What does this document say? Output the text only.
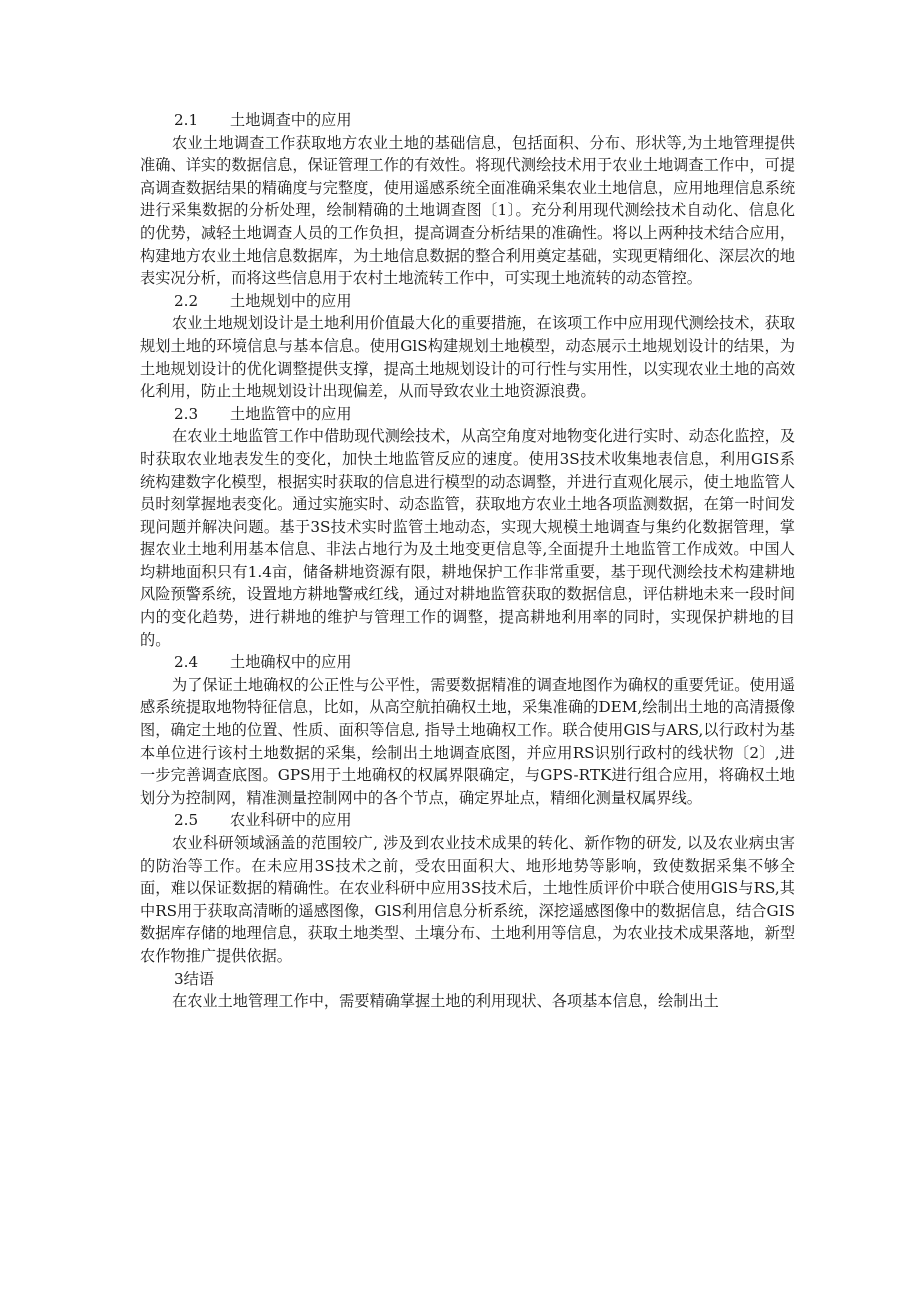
2.1 土地调查中的应用

农业土地调查工作获取地方农业土地的基础信息，包括面积、分布、形状等,为土地管理提供准确、详实的数据信息，保证管理工作的有效性。将现代测绘技术用于农业土地调查工作中，可提高调查数据结果的精确度与完整度，使用遥感系统全面准确采集农业土地信息，应用地理信息系统进行采集数据的分析处理，绘制精确的土地调查图〔1〕。充分利用现代测绘技术自动化、信息化的优势，减轻土地调查人员的工作负担，提高调查分析结果的准确性。将以上两种技术结合应用，构建地方农业土地信息数据库，为土地信息数据的整合利用奠定基础，实现更精细化、深层次的地表实况分析，而将这些信息用于农村土地流转工作中，可实现土地流转的动态管控。

2.2 土地规划中的应用

农业土地规划设计是土地利用价值最大化的重要措施，在该项工作中应用现代测绘技术，获取规划土地的环境信息与基本信息。使用GlS构建规划土地模型，动态展示土地规划设计的结果，为土地规划设计的优化调整提供支撑，提高土地规划设计的可行性与实用性，以实现农业土地的高效化利用，防止土地规划设计出现偏差，从而导致农业土地资源浪费。

2.3 土地监管中的应用

在农业土地监管工作中借助现代测绘技术，从高空角度对地物变化进行实时、动态化监控，及时获取农业地表发生的变化，加快土地监管反应的速度。使用3S技术收集地表信息，利用GIS系统构建数字化模型，根据实时获取的信息进行模型的动态调整，并进行直观化展示，使土地监管人员时刻掌握地表变化。通过实施实时、动态监管，获取地方农业土地各项监测数据，在第一时间发现问题并解决问题。基于3S技术实时监管土地动态，实现大规模土地调查与集约化数据管理，掌握农业土地利用基本信息、非法占地行为及土地变更信息等,全面提升土地监管工作成效。中国人均耕地面积只有1.4亩，储备耕地资源有限，耕地保护工作非常重要，基于现代测绘技术构建耕地风险预警系统，设置地方耕地警戒红线，通过对耕地监管获取的数据信息，评估耕地未来一段时间内的变化趋势，进行耕地的维护与管理工作的调整，提高耕地利用率的同时，实现保护耕地的目的。

2.4 土地确权中的应用

为了保证土地确权的公正性与公平性，需要数据精准的调查地图作为确权的重要凭证。使用遥感系统提取地物特征信息，比如，从高空航拍确权土地，采集准确的DEM,绘制出土地的高清摄像图，确定土地的位置、性质、面积等信息, 指导土地确权工作。联合使用GlS与ARS,以行政村为基本单位进行该村土地数据的采集，绘制出土地调查底图，并应用RS识别行政村的线状物〔2〕,进一步完善调查底图。GPS用于土地确权的权属界限确定，与GPS-RTK进行组合应用，将确权土地划分为控制网，精准测量控制网中的各个节点，确定界址点，精细化测量权属界线。

2.5 农业科研中的应用

农业科研领域涵盖的范围较广, 涉及到农业技术成果的转化、新作物的研发, 以及农业病虫害的防治等工作。在未应用3S技术之前，受农田面积大、地形地势等影响，致使数据采集不够全面，难以保证数据的精确性。在农业科研中应用3S技术后，土地性质评价中联合使用GlS与RS,其中RS用于获取高清晰的遥感图像，GlS利用信息分析系统，深挖遥感图像中的数据信息，结合GIS数据库存储的地理信息，获取土地类型、土壤分布、土地利用等信息，为农业技术成果落地，新型农作物推广提供依据。

3结语

在农业土地管理工作中，需要精确掌握土地的利用现状、各项基本信息，绘制出土
